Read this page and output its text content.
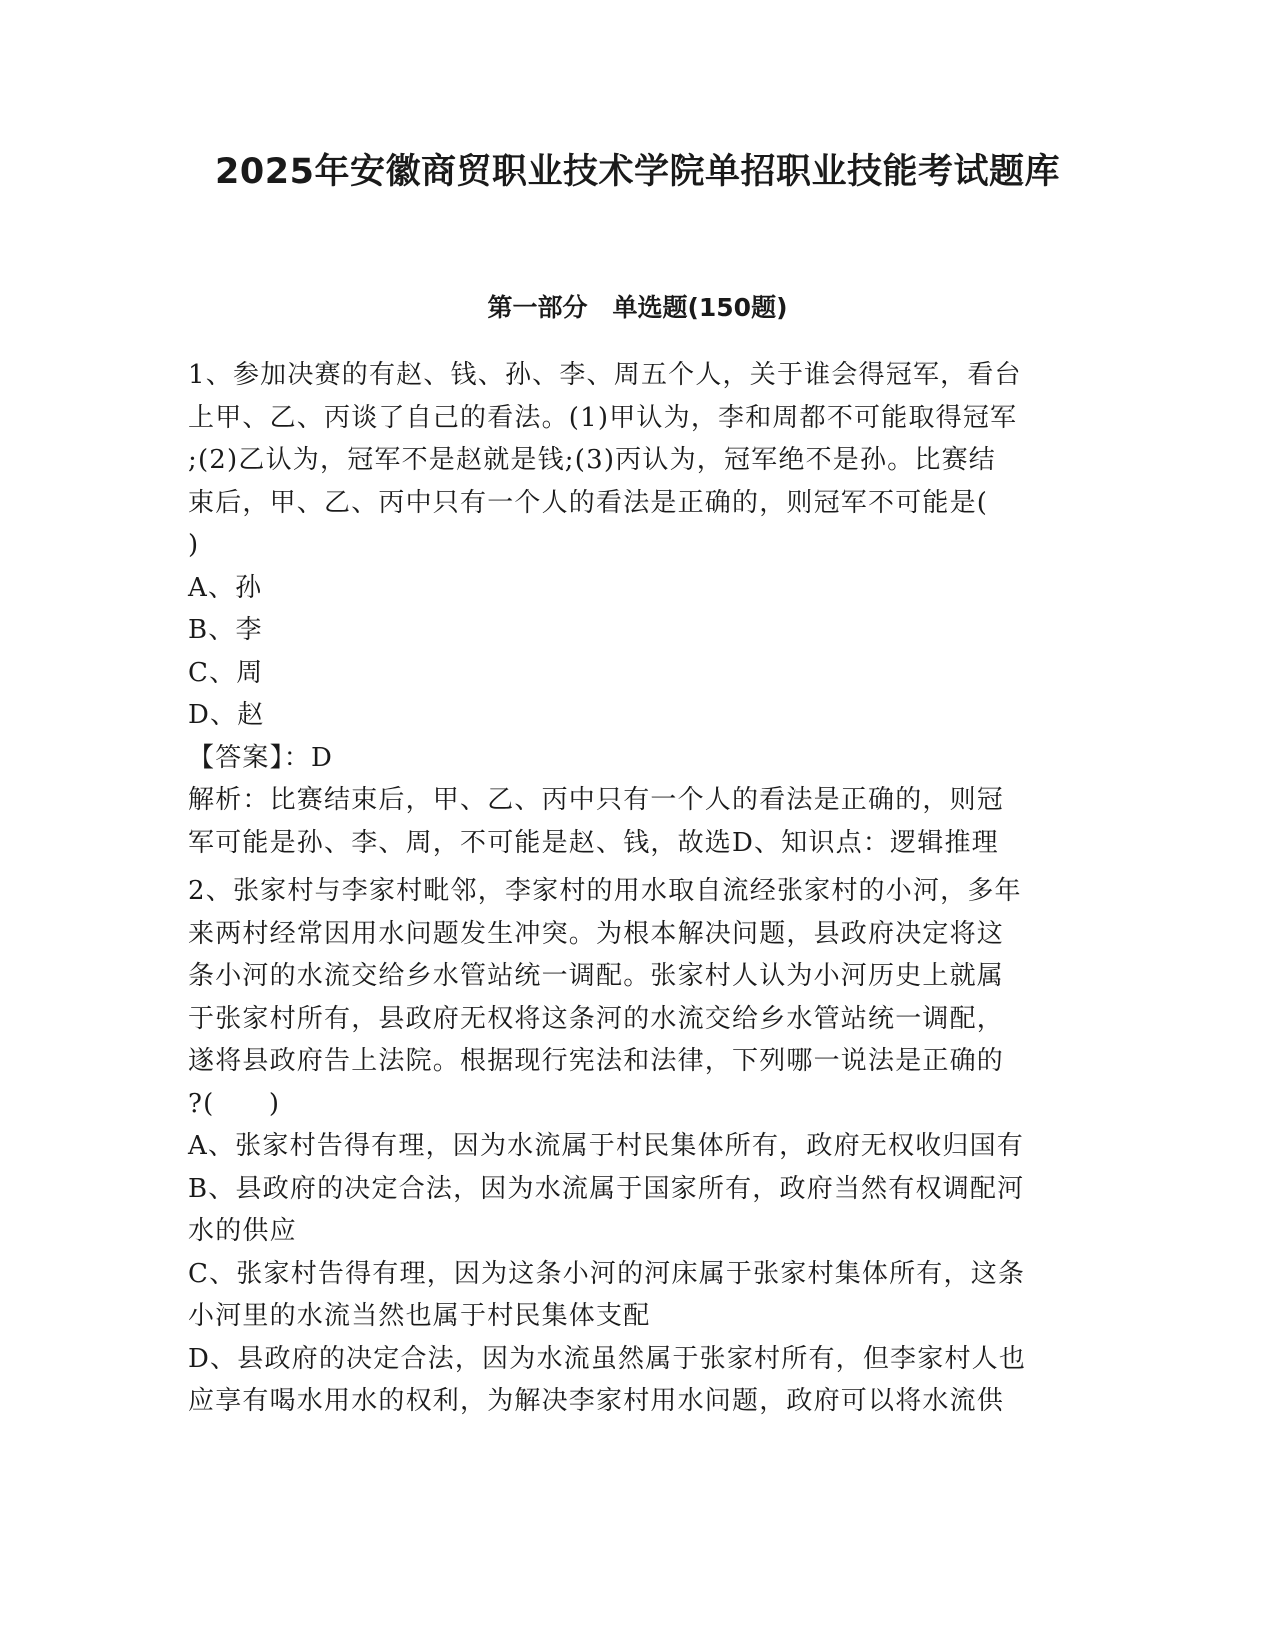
2025年安徽商贸职业技术学院单招职业技能考试题库
第一部分　单选题(150题)

1、参加决赛的有赵、钱、孙、李、周五个人，关于谁会得冠军，看台

上甲、乙、丙谈了自己的看法。(1)甲认为，李和周都不可能取得冠军

;(2)乙认为，冠军不是赵就是钱;(3)丙认为，冠军绝不是孙。比赛结

束后，甲、乙、丙中只有一个人的看法是正确的，则冠军不可能是(

)

A、孙

B、李

C、周

D、赵

【答案】：D

解析：比赛结束后，甲、乙、丙中只有一个人的看法是正确的，则冠

军可能是孙、李、周，不可能是赵、钱，故选D、知识点：逻辑推理

2、张家村与李家村毗邻，李家村的用水取自流经张家村的小河，多年

来两村经常因用水问题发生冲突。为根本解决问题，县政府决定将这

条小河的水流交给乡水管站统一调配。张家村人认为小河历史上就属

于张家村所有，县政府无权将这条河的水流交给乡水管站统一调配，

遂将县政府告上法院。根据现行宪法和法律，下列哪一说法是正确的

?(　　)

A、张家村告得有理，因为水流属于村民集体所有，政府无权收归国有

B、县政府的决定合法，因为水流属于国家所有，政府当然有权调配河

水的供应

C、张家村告得有理，因为这条小河的河床属于张家村集体所有，这条

小河里的水流当然也属于村民集体支配

D、县政府的决定合法，因为水流虽然属于张家村所有，但李家村人也

应享有喝水用水的权利，为解决李家村用水问题，政府可以将水流供
